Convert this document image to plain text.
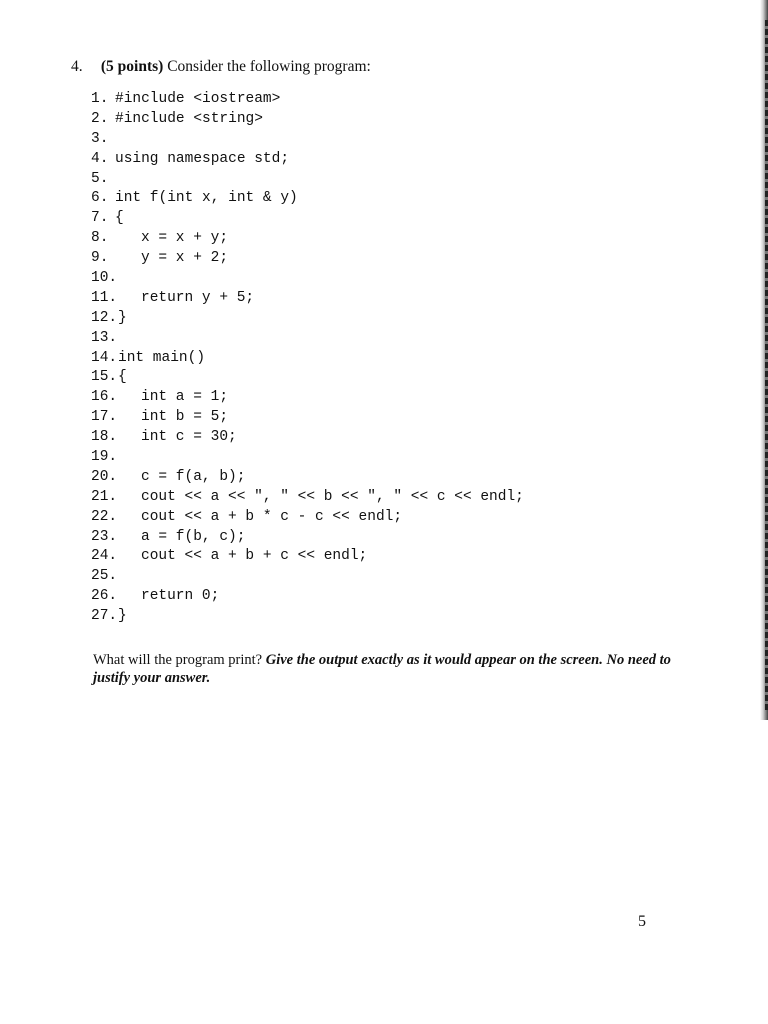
4. (5 points) Consider the following program:
1. #include <iostream>
2. #include <string>
3.
4. using namespace std;
5.
6. int f(int x, int & y)
7. {
8. x = x + y;
9. y = x + 2;
10.
11. return y + 5;
12. }
13.
14. int main()
15. {
16. int a = 1;
17. int b = 5;
18. int c = 30;
19.
20. c = f(a, b);
21. cout << a << ", " << b << ", " << c << endl;
22. cout << a + b * c - c << endl;
23. a = f(b, c);
24. cout << a + b + c << endl;
25.
26. return 0;
27. }
What will the program print? Give the output exactly as it would appear on the screen. No need to justify your answer.
5
